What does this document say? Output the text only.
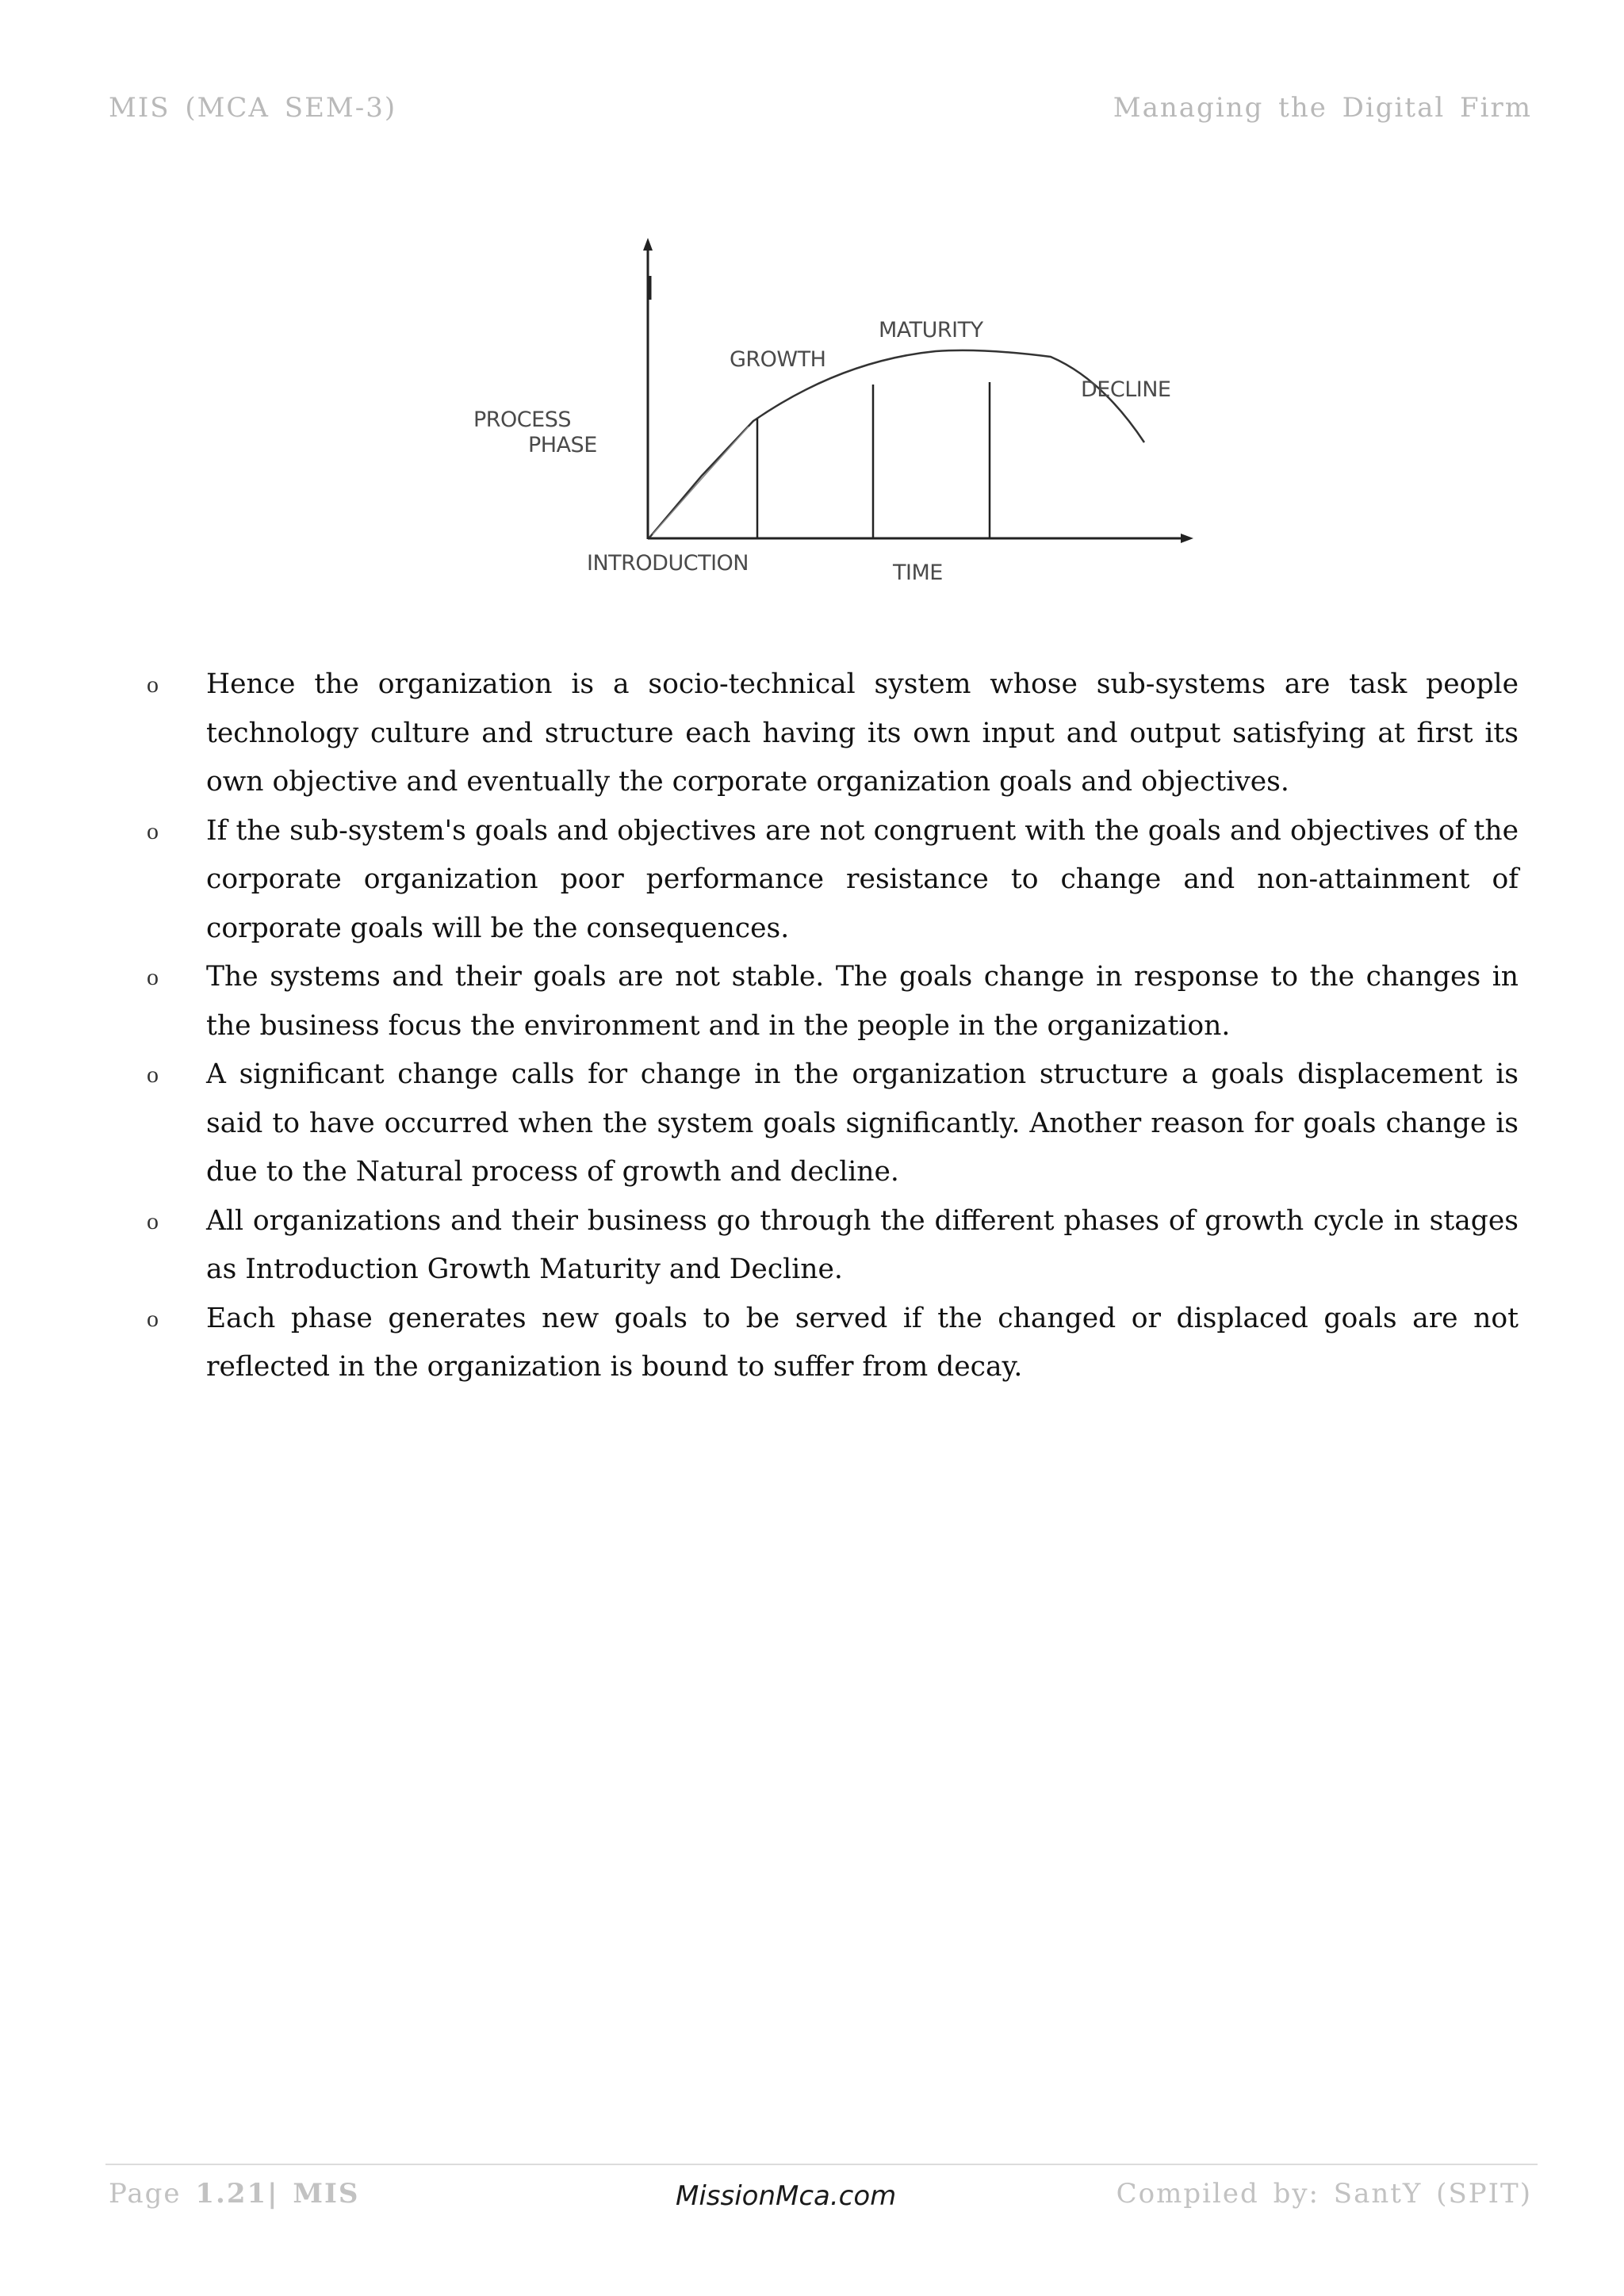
MIS (MCA SEM-3)	Managing the Digital Firm
PROCESS
PHASE
GROWTH
MATURITY
DECLINE
INTRODUCTION	TIME
o Hence the organization is a socio-technical system whose sub-systems are task people technology culture and structure each having its own input and output satisfying at first its own objective and eventually the corporate organization goals and objectives.
o If the sub-system's goals and objectives are not congruent with the goals and objectives of the corporate organization poor performance resistance to change and non-attainment of corporate goals will be the consequences.
o The systems and their goals are not stable. The goals change in response to the changes in the business focus the environment and in the people in the organization.
o A significant change calls for change in the organization structure a goals displacement is said to have occurred when the system goals significantly. Another reason for goals change is due to the Natural process of growth and decline.
o All organizations and their business go through the different phases of growth cycle in stages as Introduction Growth Maturity and Decline.
o Each phase generates new goals to be served if the changed or displaced goals are not reflected in the organization is bound to suffer from decay.
Page 1.21| MIS	MissionMca.com	Compiled by: SantY (SPIT)
